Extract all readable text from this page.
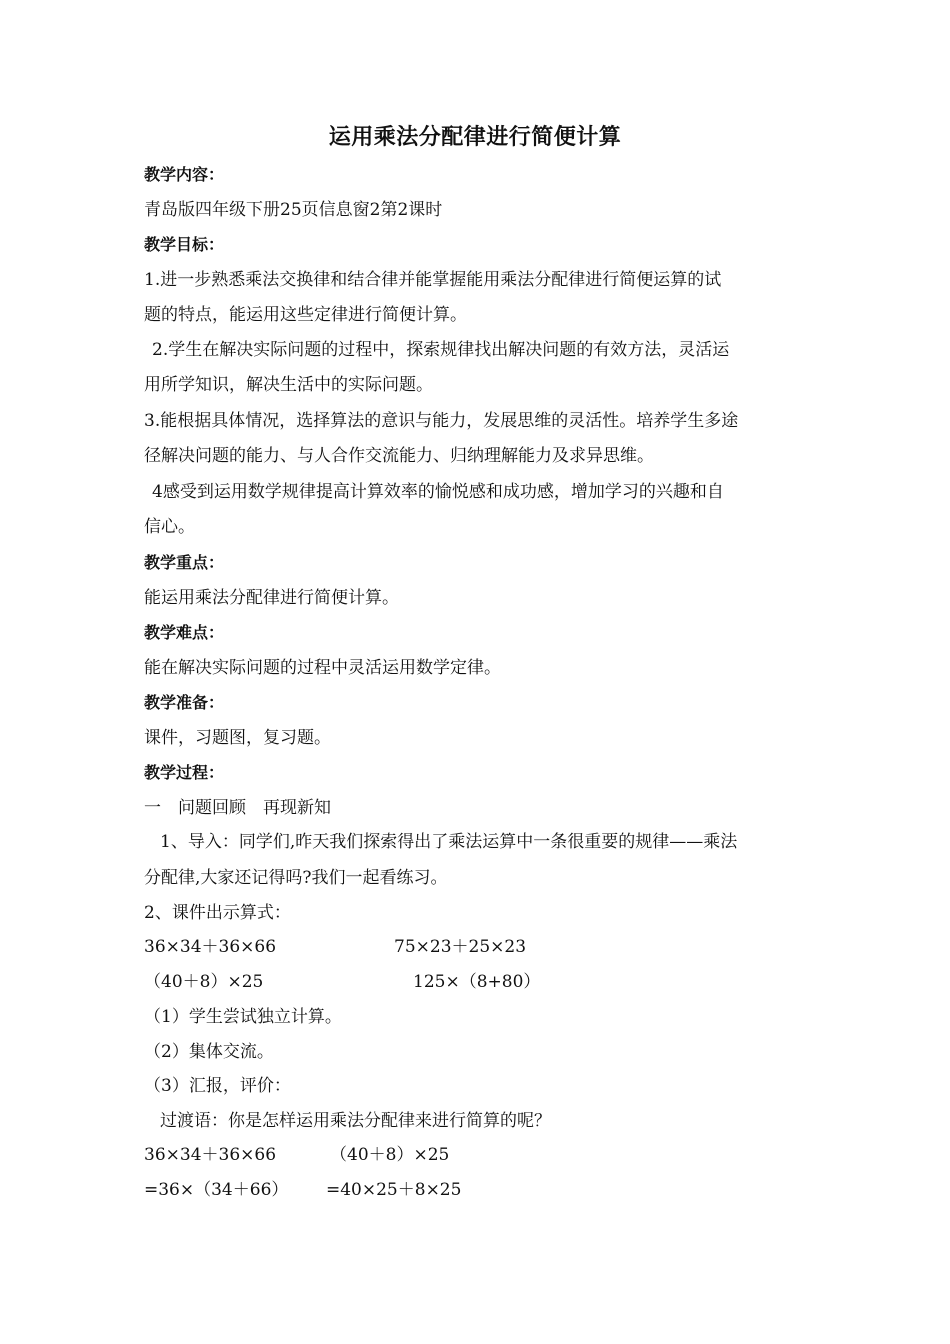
运用乘法分配律进行简便计算
教学内容：
青岛版四年级下册25页信息窗2第2课时
教学目标：
1.进一步熟悉乘法交换律和结合律并能掌握能用乘法分配律进行简便运算的试
题的特点，能运用这些定律进行简便计算。
2.学生在解决实际问题的过程中，探索规律找出解决问题的有效方法，灵活运
用所学知识，解决生活中的实际问题。
3.能根据具体情况，选择算法的意识与能力，发展思维的灵活性。培养学生多途
径解决问题的能力、与人合作交流能力、归纳理解能力及求异思维。
4感受到运用数学规律提高计算效率的愉悦感和成功感，增加学习的兴趣和自
信心。
教学重点：
能运用乘法分配律进行简便计算。
教学难点：
能在解决实际问题的过程中灵活运用数学定律。
教学准备：
课件，习题图，复习题。
教学过程：
一　问题回顾　再现新知
1、导入：同学们,昨天我们探索得出了乘法运算中一条很重要的规律——乘法
分配律,大家还记得吗?我们一起看练习。
2、课件出示算式：
36×34＋36×66	75×23＋25×23
（40＋8）×25	125×（8+80）
（1）学生尝试独立计算。
（2）集体交流。
（3）汇报，评价：
过渡语：你是怎样运用乘法分配律来进行简算的呢？
36×34＋36×66	（40＋8）×25
=36×（34＋66） =40×25＋8×25
